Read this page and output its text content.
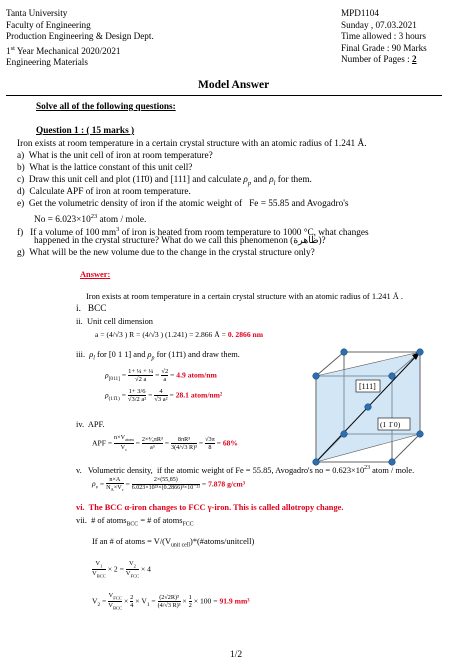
Tanta University
Faculty of Engineering
Production Engineering & Design Dept.
1st Year Mechanical 2020/2021
Engineering Materials
MPD1104
Sunday , 07.03.2021
Time allowed : 3 hours
Final Grade : 90 Marks
Number of Pages : 2
Model Answer
Solve all of the following questions:
Question 1 : ( 15 marks )
Iron exists at room temperature in a certain crystal structure with an atomic radius of 1.241 Å.
a) What is the unit cell of iron at room temperature?
b) What is the lattice constant of this unit cell?
c)  Draw this unit cell and plot (11̄0) and [111] and calculate $\rho_p$ and $\rho_l$ for them.
d) Calculate APF of iron at room temperature.
e)  Get the volumetric density of iron if the atomic weight of   Fe = 55.85 and Avogadro's
$No = 6.023\times 10^{23}$ atom / mole.
f)   If a volume of 100 $mm^3$ of iron is heated from room temperature to 1000 °C, what changes
happened in the crystal structure? What do we call this phenomenon (ظاهرة)?
g) What will be the new volume due to the change in the crystal structure only?
Answer:
Iron exists at room temperature in a certain crystal structure with an atomic radius of 1.241 Å .
i. BCC
ii. Unit cell dimension
a = (4/√3 ) R = (4/√3 ) (1.241) = 2.866 Å = 0. 2866 nm
iii.  $\rho_l$ for [0 1 1] and $\rho_p$ for (11̄1) and draw them.
$\rho_{[011]} = \frac{\text{1+ ¼ + ¼}}{√2 a} = \frac{√2}{a} = 4.9$ atom/nm
$\rho_{(11̄1)} = \frac{1+ 3/6}{\text{√3/2 a²}} = \frac{4}{\text{√3 a²}} = 28.1$ atom/nm²
iv. APF.
APF =
$n\times V_{atom}$
$V_c$
= $\frac{\text{2×⁴⁄₃πR³}}{\text{a³}} = \frac{\text{8πR³}}{\text{3(4/√3 R)³}} = \frac{√3\pi}{8} = 68\%$
v.   Volumetric density,  if the atomic weight of Fe = 55.85, Avogadro's no = $0.623\times 10^{23}$ atom / mole.
$\rho_v = \frac{n\times A}{N_A\times V_c} = \frac{2\times(55,85)}{\text{6.023×10²³×(0.2866)³×10⁻²¹}} = 7.878$ g/cm³
vi.  The BCC α-iron changes to FCC γ-iron. This is called allotropy change.
vii.  # of atoms$_{BCC}$ = # of atoms$_{FCC}$
If an # of atoms = $V/(V_{unit cell})*(\#atoms/unitcell)$
$V_1$
$V_{BCC}$
× 2 =
$V_2$
$V_{FCC}$
× 4
$V_2$ =
$V_{FCC}$
$V_{BCC}$
× $\frac{2}{4} \times V_1 = \frac{\text{(2√2R)³}}{\text{(4/√3 R)³}} \times \frac{1}{2} \times 100 = 91.9$ mm³
[111]
(1 1̄ 0)
1/2
